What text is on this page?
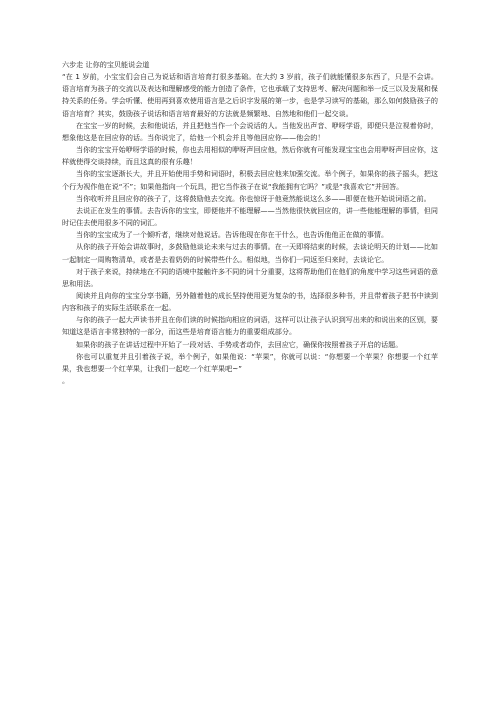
六步走 让你的宝贝能说会道

“在 1 岁前，小宝宝们会自己为说话和语言培育打很多基础。在大约 3 岁前，孩子们就能懂很多东西了，只是不会讲。语言培育为孩子的交流以及表达和理解感受的能力创造了条件，它也承载了支持思考、解决问题和举一反三以及发展和保持关系的任务。学会听懂、使用再到喜欢使用语言是之后识字发展的第一步，也是学习读写的基础，那么如何鼓励孩子的语言培育？其实，鼓励孩子说话和语言培育最好的方法就是频繁地、自然地和他们一起交谈。

在宝宝一岁的时候，去和他说话，并且把他当作一个会说话的人。当他发出声音、咿呀学语，即便只是泣视着你时，想象他这是在回应你的话。当你说完了，给他一个机会并且等他回应你——他会的！

当你的宝宝开始咿呀学语的时候，你也去用相似的咿呀声回应他，然后你就有可能发现宝宝也会用咿呀声回应你，这样就使得交谈持续，而且这真的很有乐趣！

当你的宝宝逐渐长大，并且开始使用手势和词语时，积极去回应他来加强交流。举个例子，如果你的孩子摇头，把这个行为视作他在说“不”；如果他指向一个玩具，把它当作孩子在说“我能拥有它吗？”或是“我喜欢它”并回答。

当你收听并且回应你的孩子了，这将鼓励他去交流。你也惊讶于他竟然能说这么多——即便在他开始说词语之前。

去说正在发生的事情。去告诉你的宝宝，即便他并不能理解——当然他很快就回应的，讲一些他能理解的事情，但同时记住去使用很多不同的词汇。

当你的宝宝成为了一个倾听者，继续对他说话。告诉他现在你在干什么，也告诉他他正在做的事情。

从你的孩子开始会讲故事时，多鼓励他谈论未来与过去的事情。在一天即将结束的时候，去谈论明天的计划——比如一起制定一周购物清单，或者是去看奶奶的时候带些什么。相似地，当你们一同返至归来时，去谈论它。

对于孩子来说，持续地在不同的语境中接触许多不同的词十分重要，这将帮助他们在他们的角度中学习这些词语的意思和用法。

阅读并且向你的宝宝分享书籍，另外随着他的成长坚持使用更为复杂的书，选择很多种书，并且带着孩子把书中读到内容和孩子的实际生活联系在一起。

与你的孩子一起大声读书并且在你们读的时候指向相应的词语，这样可以让孩子认识到写出来的和说出来的区别，要知道这是语言非常独特的一部分，而这些是培育语言能力的重要组成部分。

如果你的孩子在讲话过程中开始了一段对话、手势或者动作，去回应它，确保你按照着孩子开启的话题。

你也可以重复并且引着孩子说，举个例子，如果他说：“苹果”，你就可以说：“你想要一个苹果？你想要一个红苹果，我也想要一个红苹果，让我们一起吃一个红苹果吧~”

。
